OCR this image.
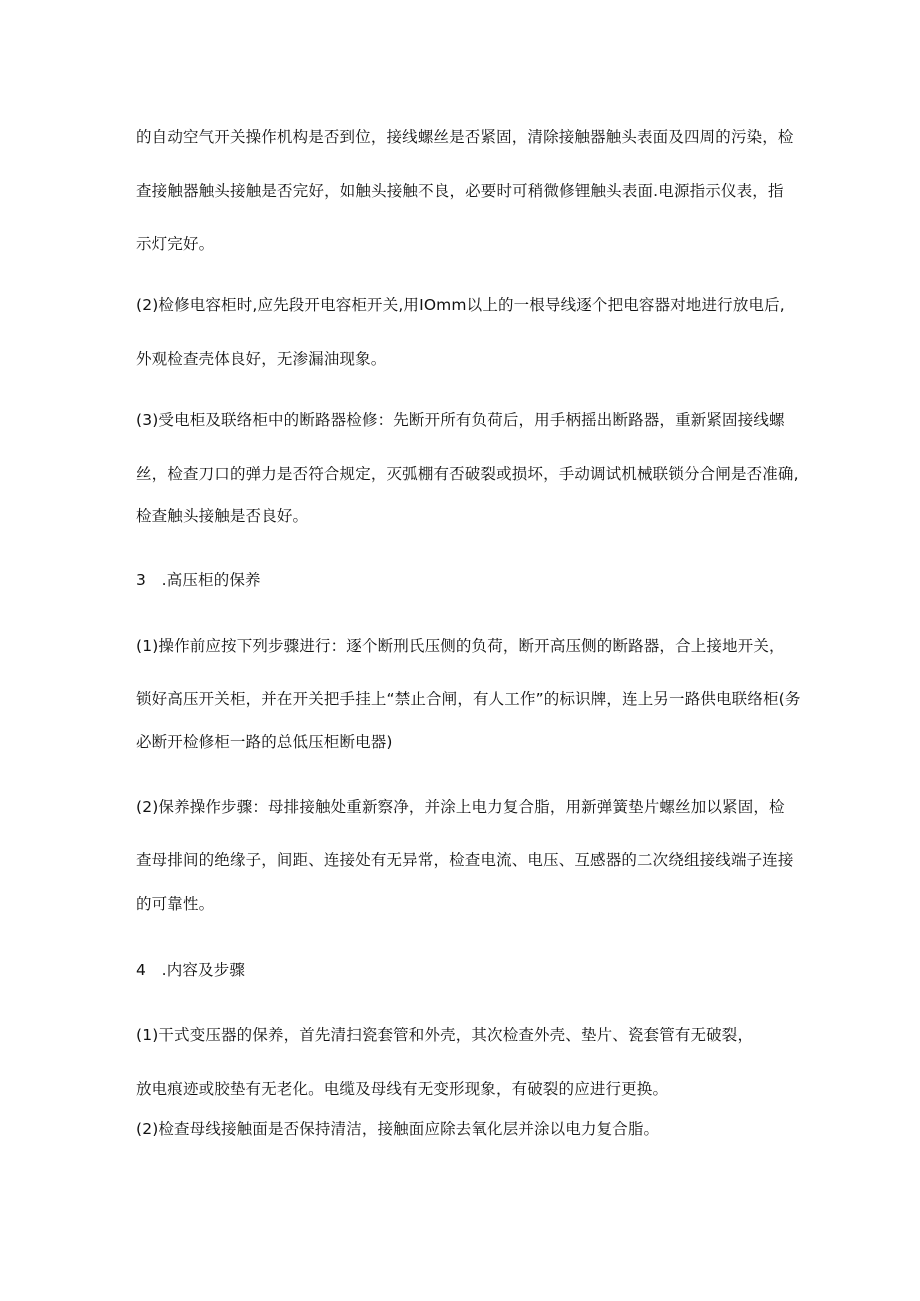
的 自 动 空 气 开 关 操 作 机 构 是 否 到 位 ， 接 线 螺 丝 是 否 紧 固 ， 清 除 接 触 器 触 头 表 面 及 四 周 的 污 染 ， 检

查 接 触 器 触 头 接 触 是 否 完 好 ， 如 触 头 接 触 不 良 ， 必 要 时 可 稍 微 修 锂 触 头 表 面 . 电 源 指 示 仪 表 ， 指

示灯完好。

( 2 ) 检 修 电 容 柜 时 , 应 先 段 开 电 容 柜 开 关 , 用 I O m m 以 上 的 一 根 导 线 逐 个 把 电 容 器 对 地 进 行 放 电 后 ,

外观检查壳体良好，无渗漏油现象。

( 3 ) 受 电 柜 及 联 络 柜 中 的 断 路 器 检 修 ： 先 断 开 所 有 负 荷 后 ， 用 手 柄 摇 出 断 路 器 ， 重 新 紧 固 接 线 螺

丝 ， 检 查 刀 口 的 弹 力 是 否 符 合 规 定 ， 灭 弧 棚 有 否 破 裂 或 损 坏 ， 手 动 调 试 机 械 联 锁 分 合 闸 是 否 准 确 ,

检查触头接触是否良好。

3　.高压柜的保养

( 1 ) 操 作 前 应 按 下 列 步 骤 进 行 ： 逐 个 断 刑 氏 压 侧 的 负 荷 ， 断 开 高 压 侧 的 断 路 器 ， 合 上 接 地 开 关 ，

锁 好 高 压 开 关 柜 ， 并 在 开 关 把 手 挂 上 “ 禁 止 合 闸 ， 有 人 工 作 ” 的 标 识 牌 ， 连 上 另 一 路 供 电 联 络 柜 ( 务

必断开检修柜一路的总低压柜断电器)

( 2 ) 保 养 操 作 步 骤 ： 母 排 接 触 处 重 新 察 净 ， 并 涂 上 电 力 复 合 脂 ， 用 新 弹 簧 垫 片 螺 丝 加 以 紧 固 ， 检

查 母 排 间 的 绝 缘 子 ， 间 距 、 连 接 处 有 无 异 常 ， 检 查 电 流 、 电 压 、 互 感 器 的 二 次 绕 组 接 线 端 子 连 接

的可靠性。

4　.内容及步骤

(1)干式变压器的保养，首先清扫瓷套管和外壳，其次检查外壳、垫片、瓷套管有无破裂，

放电痕迹或胶垫有无老化。电缆及母线有无变形现象，有破裂的应进行更换。

(2)检查母线接触面是否保持清洁，接触面应除去氧化层并涂以电力复合脂。
